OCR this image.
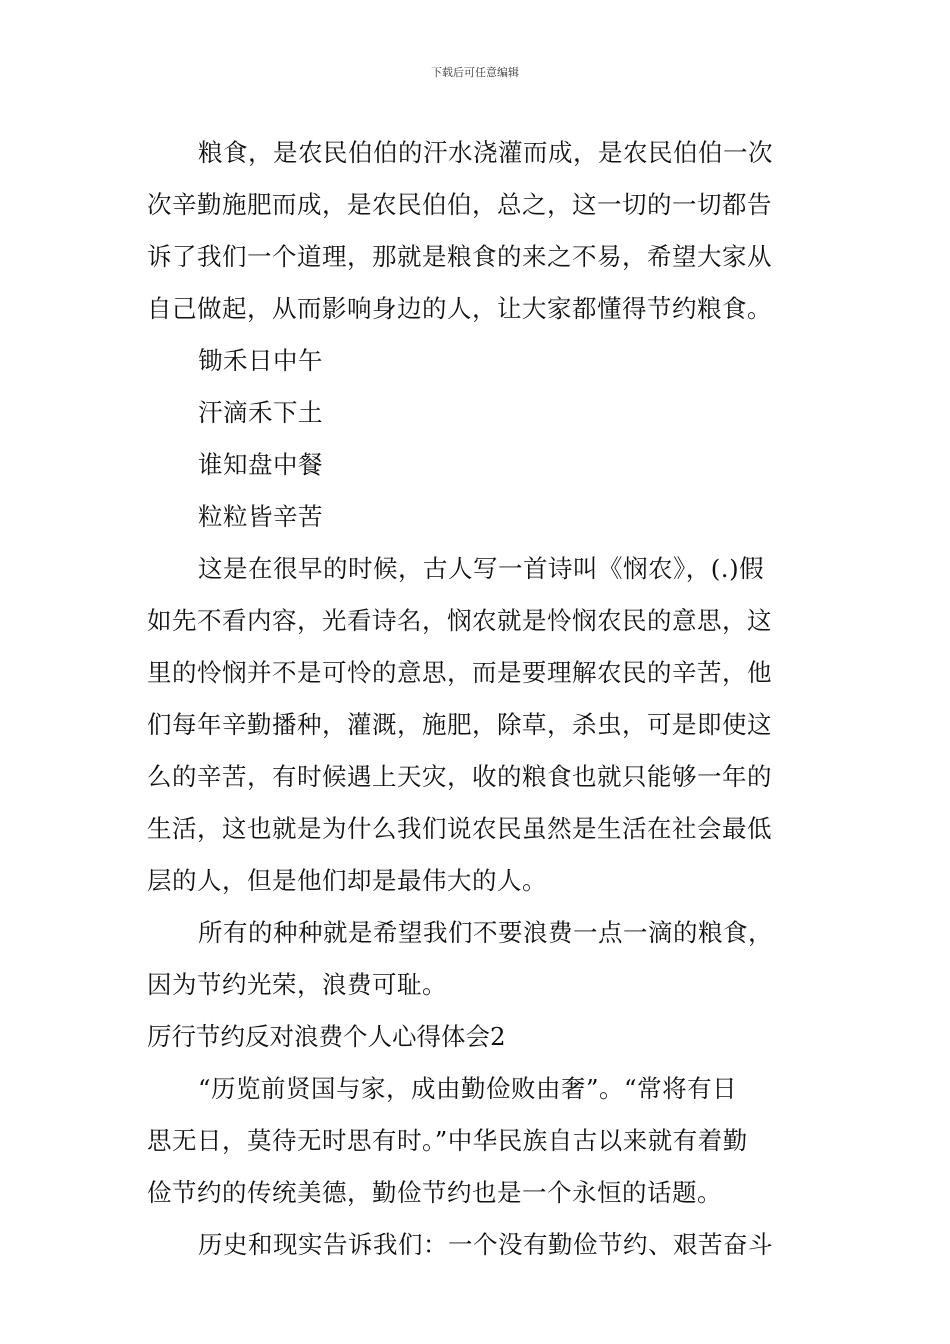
下载后可任意编辑
粮食，是农民伯伯的汗水浇灌而成，是农民伯伯一次
次辛勤施肥而成，是农民伯伯，总之，这一切的一切都告
诉了我们一个道理，那就是粮食的来之不易，希望大家从
自己做起，从而影响身边的人，让大家都懂得节约粮食。
锄禾日中午
汗滴禾下土
谁知盘中餐
粒粒皆辛苦
这是在很早的时候，古人写一首诗叫《悯农》，(.)假
如先不看内容，光看诗名，悯农就是怜悯农民的意思，这
里的怜悯并不是可怜的意思，而是要理解农民的辛苦，他
们每年辛勤播种，灌溉，施肥，除草，杀虫，可是即使这
么的辛苦，有时候遇上天灾，收的粮食也就只能够一年的
生活，这也就是为什么我们说农民虽然是生活在社会最低
层的人，但是他们却是最伟大的人。
所有的种种就是希望我们不要浪费一点一滴的粮食，
因为节约光荣，浪费可耻。
厉行节约反对浪费个人心得体会2
“历览前贤国与家，成由勤俭败由奢”。“常将有日
思无日，莫待无时思有时。”中华民族自古以来就有着勤
俭节约的传统美德，勤俭节约也是一个永恒的话题。
历史和现实告诉我们：一个没有勤俭节约、艰苦奋斗
